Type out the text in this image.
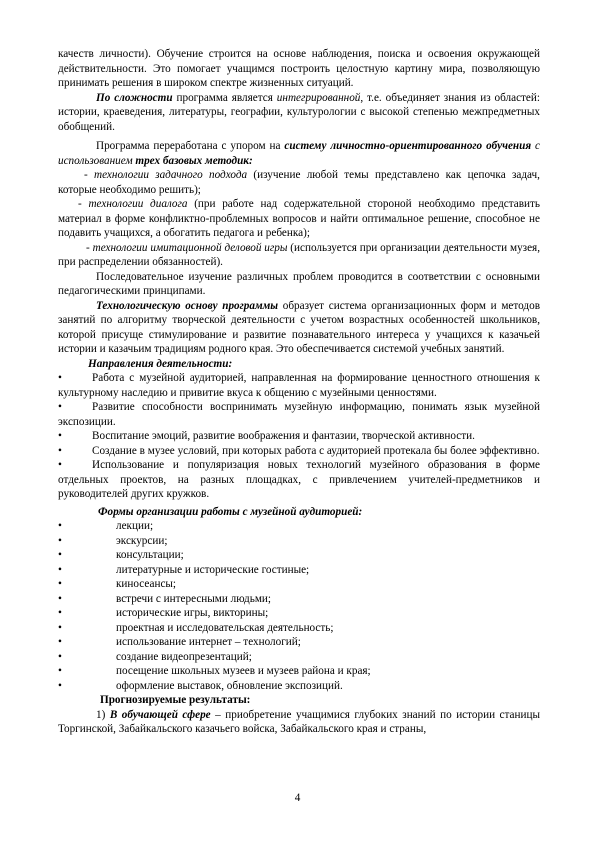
качеств личности). Обучение строится на основе наблюдения, поиска и освоения окружающей действительности. Это помогает учащимся построить целостную картину мира, позволяющую принимать решения в широком спектре жизненных ситуаций.

По сложности программа является интегрированной, т.е. объединяет знания из областей: истории, краеведения, литературы, географии, культурологии с высокой степенью межпредметных обобщений.

Программа переработана с упором на систему личностно-ориентированного обучения с использованием трех базовых методик:

- технологии задачного подхода (изучение любой темы представлено как цепочка задач, которые необходимо решить);

- технологии диалога (при работе над содержательной стороной необходимо представить материал в форме конфликтно-проблемных вопросов и найти оптимальное решение, способное не подавить учащихся, а обогатить педагога и ребенка);

- технологии имитационной деловой игры (используется при организации деятельности музея, при распределении обязанностей).

Последовательное изучение различных проблем проводится в соответствии с основными педагогическими принципами.

Технологическую основу программы образует система организационных форм и методов занятий по алгоритму творческой деятельности с учетом возрастных особенностей школьников, которой присуще стимулирование и развитие познавательного интереса у учащихся к казачьей истории и казачьим традициям родного края. Это обеспечивается системой учебных занятий.

Направления деятельности:

•	Работа с музейной аудиторией, направленная на формирование ценностного отношения к культурному наследию и привитие вкуса к общению с музейными ценностями.

•	Развитие способности воспринимать музейную информацию, понимать язык музейной экспозиции.

•	Воспитание эмоций, развитие воображения и фантазии, творческой активности.

•	Создание в музее условий, при которых работа с аудиторией протекала бы более эффективно.

•	Использование и популяризация новых технологий музейного образования в форме отдельных проектов, на разных площадках, с привлечением учителей-предметников и руководителей других кружков.

Формы организации работы с музейной аудиторией:

•	лекции;

•	экскурсии;

•	консультации;

•	литературные и исторические гостиные;

•	киносеансы;

•	встречи с интересными людьми;

•	исторические игры, викторины;

•	проектная и исследовательская деятельность;

•	использование интернет – технологий;

•	создание видеопрезентаций;

•	посещение школьных музеев и музеев района и края;

•	оформление выставок, обновление экспозиций.

Прогнозируемые результаты:

1) В обучающей сфере – приобретение учащимися глубоких знаний по истории станицы Торгинской, Забайкальского казачьего войска, Забайкальского края и страны,

4
